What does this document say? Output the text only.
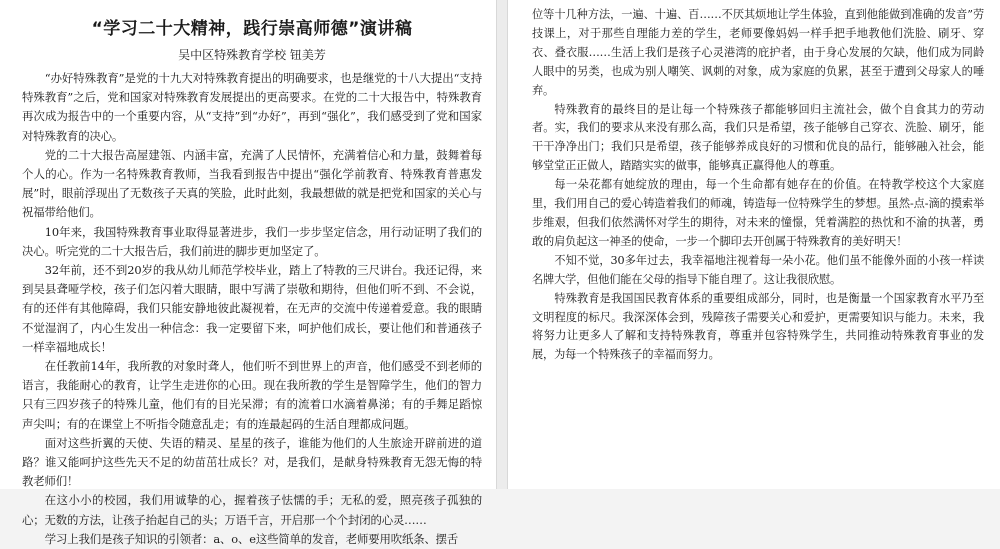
“学习二十大精神，践行崇高师德”演讲稿
吴中区特殊教育学校 钮美芳

“办好特殊教育”是党的十九大对特殊教育提出的明确要求，也是继党的十八大提出“支持特殊教育”之后，党和国家对特殊教育发展提出的更高要求。在党的二十大报告中，特殊教育再次成为报告中的一个重要内容，从“支持”到“办好”，再到“强化”，我们感受到了党和国家对特殊教育的决心。

党的二十大报告高屋建瓴、内涵丰富，充满了人民情怀，充满着信心和力量，鼓舞着每个人的心。作为一名特殊教育教师，当我看到报告中提出“强化学前教育、特殊教育普惠发展”时，眼前浮现出了无数孩子天真的笑脸，此时此刻，我最想做的就是把党和国家的关心与祝福带给他们。

10年来，我国特殊教育事业取得显著进步，我们一步步坚定信念，用行动证明了我们的决心。听完党的二十大报告后，我们前进的脚步更加坚定了。

32年前，还不到20岁的我从幼儿师范学校毕业，踏上了特教的三尺讲台。我还记得，来到吴县聋哑学校，孩子们怎闪着大眼睛，眼中写满了崇敬和期待，但他们听不到、不会说，有的还伴有其他障碍，我们只能安静地彼此凝视着，在无声的交流中传递着爱意。我的眼睛不觉湿润了，内心生发出一种信念：我一定要留下来，呵护他们成长，要让他们和普通孩子一样幸福地成长！

在任教前14年，我所教的对象时聋人，他们听不到世界上的声音，他们感受不到老师的语言，我能耐心的教育，让学生走进你的心田。现在我所教的学生是智障学生，他们的智力只有三四岁孩子的特殊儿童，他们有的目光呆滞；有的流着口水滴着鼻涕；有的手舞足蹈惊声尖叫；有的在课堂上不听指令随意乱走；有的连最起码的生活自理都成问题。

面对这些折翼的天使、失语的精灵、星星的孩子，谁能为他们的人生旅途开辟前进的道路？谁又能呵护这些先天不足的幼苗茁壮成长？对，是我们，是献身特殊教育无怨无悔的特教老师们！

在这小小的校园，我们用诚挚的心，握着孩子怯懦的手；无私的爱，照亮孩子孤独的心；无数的方法，让孩子抬起自己的头；万语千言，开启那一个个封闭的心灵……

学习上我们是孩子知识的引领者：a、o、e这些简单的发音，老师要用吹纸条、摆舌

位等十几种方法，一遍、十遍、百……不厌其烦地让学生体验，直到他能做到准确的发音”劳技课上，对于那些自理能力差的学生，老师要像妈妈一样手把手地教他们洗脸、刷牙、穿衣、叠衣服……生活上我们是孩子心灵港湾的庇护者，由于身心发展的欠缺，他们成为同龄人眼中的另类，也成为别人嘲笑、讽刺的对象，成为家庭的负累，甚至于遭到父母家人的唾弃。

特殊教育的最终目的是让每一个特殊孩子都能够回归主流社会，做个自食其力的劳动者。实，我们的要求从来没有那么高，我们只是希望，孩子能够自己穿衣、洗脸、刷牙，能干干净净出门；我们只是希望，孩子能够养成良好的习惯和优良的品行，能够融入社会，能够堂堂正正做人，踏踏实实的做事，能够真正赢得他人的尊重。

每一朵花都有她绽放的理由，每一个生命都有她存在的价值。在特教学校这个大家庭里，我们用自己的爱心铸造着我们的师魂，铸造每一位特殊学生的梦想。虽然-点-滴的摸索举步维艰，但我们依然满怀对学生的期待，对未来的憧憬，凭着满腔的热忱和不渝的执著，勇敢的肩负起这一神圣的使命，一步一个脚印去开创属于特殊教育的美好明天！

不知不觉，30多年过去，我幸福地注视着每一朵小花。他们虽不能像外面的小孩一样读名牌大学，但他们能在父母的指导下能自理了。这让我很欣慰。

特殊教育是我国国民教育体系的重要组成部分，同时，也是衡量一个国家教育水平乃至文明程度的标尺。我深深体会到，残障孩子需要关心和爱护，更需要知识与能力。未来，我将努力让更多人了解和支持特殊教育，尊重并包容特殊学生，共同推动特殊教育事业的发展，为每一个特殊孩子的幸福而努力。
